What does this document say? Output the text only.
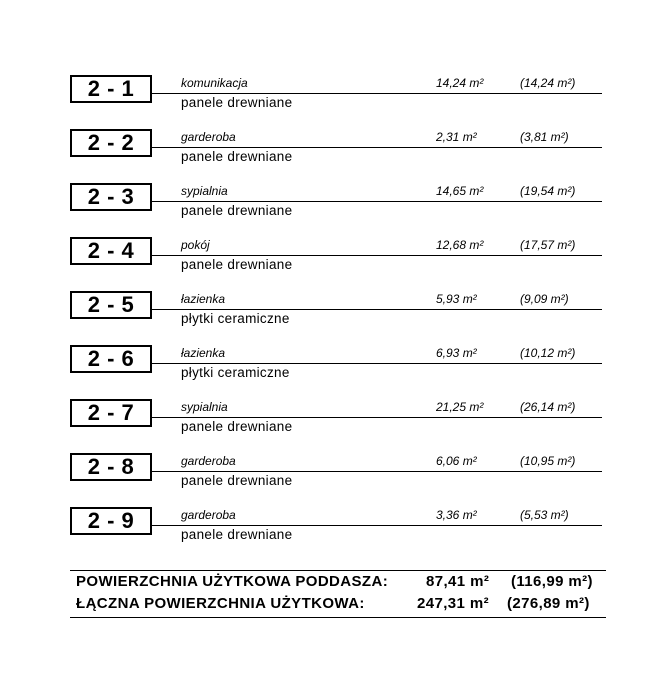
2 - 1	komunikacja	14,24 m²	(14,24 m²)
panele drewniane
2 - 2	garderoba	2,31 m²	(3,81 m²)
panele drewniane
2 - 3	sypialnia	14,65 m²	(19,54 m²)
panele drewniane
2 - 4	pokój	12,68 m²	(17,57 m²)
panele drewniane
2 - 5	łazienka	5,93 m²	(9,09 m²)
płytki ceramiczne
2 - 6	łazienka	6,93 m²	(10,12 m²)
płytki ceramiczne
2 - 7	sypialnia	21,25 m²	(26,14 m²)
panele drewniane
2 - 8	garderoba	6,06 m²	(10,95 m²)
panele drewniane
2 - 9	garderoba	3,36 m²	(5,53 m²)
panele drewniane
POWIERZCHNIA UŻYTKOWA PODDASZA:	87,41 m² (116,99 m²)
ŁĄCZNA POWIERZCHNIA UŻYTKOWA:	247,31 m² (276,89 m²)
